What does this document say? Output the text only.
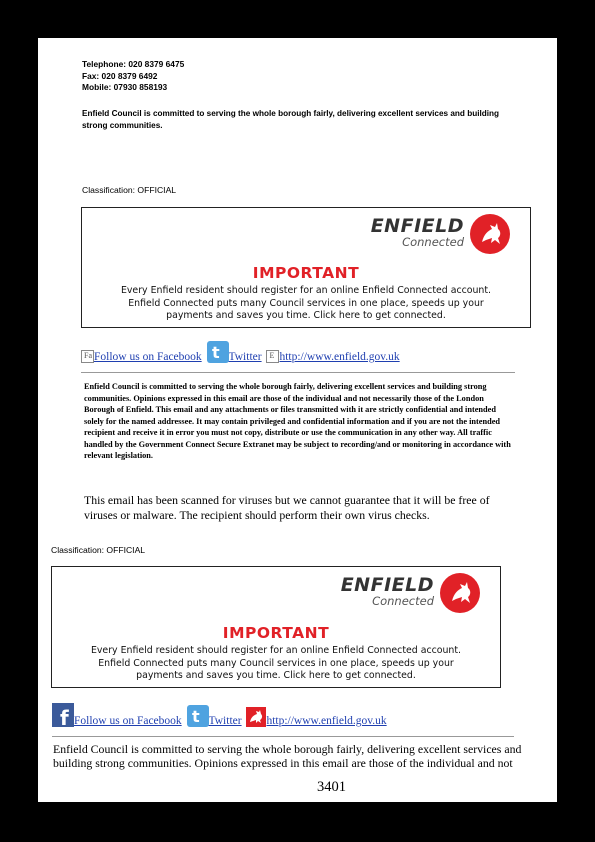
Telephone: 020 8379 6475
Fax: 020 8379 6492
Mobile: 07930 858193
Enfield Council is committed to serving the whole borough fairly, delivering excellent services and building strong communities.
Classification: OFFICIAL
ENFIELD
Connected
IMPORTANT
Every Enfield resident should register for an online Enfield Connected account.
Enfield Connected puts many Council services in one place, speeds up your
payments and saves you time. Click here to get connected.
Fa Follow us on Facebook t Twitter E http://www.enfield.gov.uk
Enfield Council is committed to serving the whole borough fairly, delivering excellent services and building strong communities. Opinions expressed in this email are those of the individual and not necessarily those of the London Borough of Enfield. This email and any attachments or files transmitted with it are strictly confidential and intended solely for the named addressee. It may contain privileged and confidential information and if you are not the intended recipient and receive it in error you must not copy, distribute or use the communication in any other way. All traffic handled by the Government Connect Secure Extranet may be subject to recording/and or monitoring in accordance with relevant legislation.
This email has been scanned for viruses but we cannot guarantee that it will be free of viruses or malware. The recipient should perform their own virus checks.
Classification: OFFICIAL
ENFIELD
Connected
IMPORTANT
Every Enfield resident should register for an online Enfield Connected account.
Enfield Connected puts many Council services in one place, speeds up your
payments and saves you time. Click here to get connected.
f Follow us on Facebook t Twitter http://www.enfield.gov.uk
Enfield Council is committed to serving the whole borough fairly, delivering excellent services and building strong communities. Opinions expressed in this email are those of the individual and not
3401
